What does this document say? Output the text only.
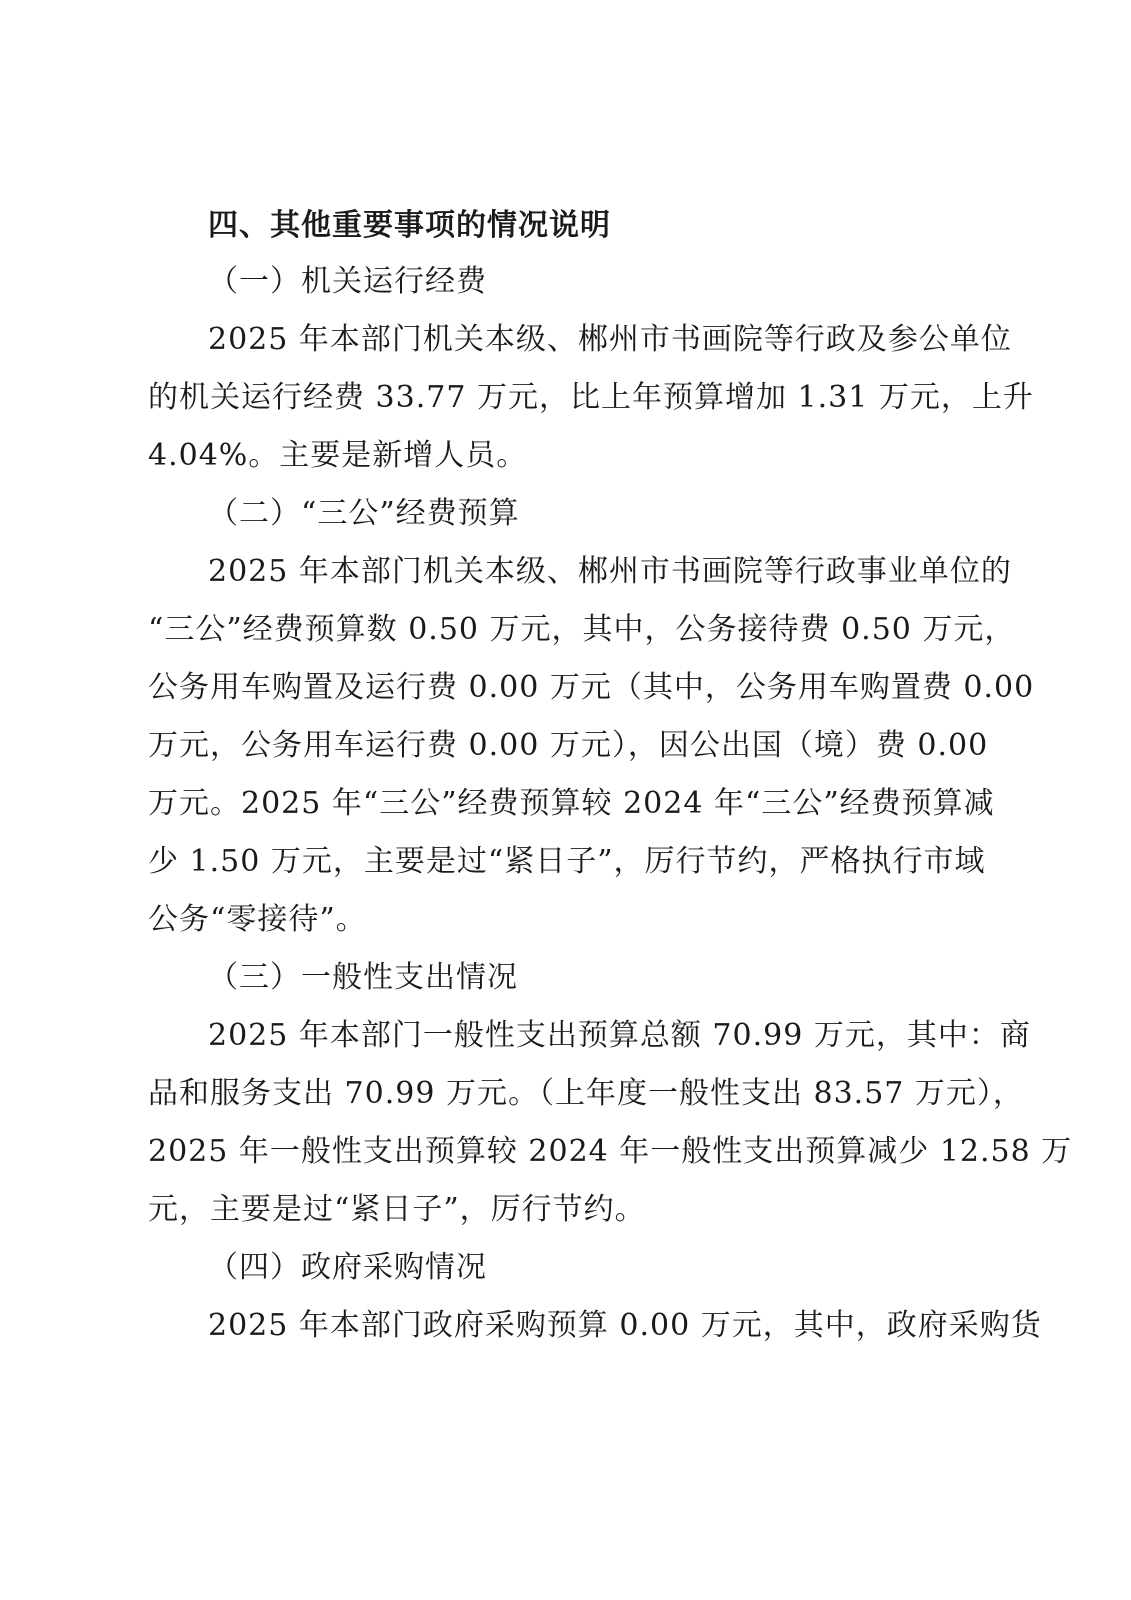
四、其他重要事项的情况说明
（一）机关运行经费
2025 年本部门机关本级、郴州市书画院等行政及参公单位
的机关运行经费 33.77 万元，比上年预算增加 1.31 万元，上升
4.04%。主要是新增人员。
（二）“三公”经费预算
2025 年本部门机关本级、郴州市书画院等行政事业单位的
“三公”经费预算数 0.50 万元，其中，公务接待费 0.50 万元，
公务用车购置及运行费 0.00 万元（其中，公务用车购置费 0.00
万元，公务用车运行费 0.00 万元），因公出国（境）费 0.00
万元。2025 年“三公”经费预算较 2024 年“三公”经费预算减
少 1.50 万元，主要是过“紧日子”，厉行节约，严格执行市域
公务“零接待”。
（三）一般性支出情况
2025 年本部门一般性支出预算总额 70.99 万元，其中：商
品和服务支出 70.99 万元。（上年度一般性支出 83.57 万元），
2025 年一般性支出预算较 2024 年一般性支出预算减少 12.58 万
元，主要是过“紧日子”，厉行节约。
（四）政府采购情况
2025 年本部门政府采购预算 0.00 万元，其中，政府采购货
